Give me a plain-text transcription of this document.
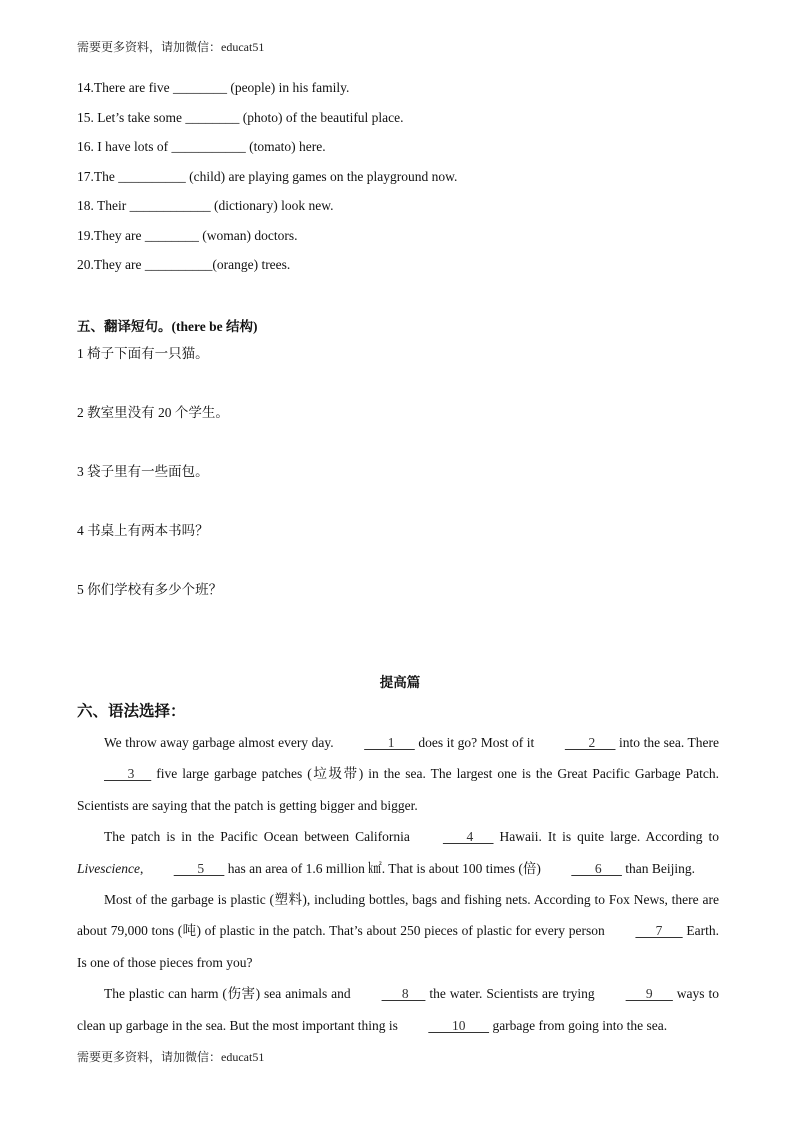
需要更多资料，请加微信：educat51
14.There are five ________ (people) in his family.
15. Let’s take some ________ (photo) of the beautiful place.
16. I have lots of ___________ (tomato) here.
17.The __________ (child) are playing games on the playground now.
18. Their ____________ (dictionary) look new.
19.They are ________ (woman) doctors.
20.They are __________(orange) trees.
五、翻译短句。(there be 结构)
1 椅子下面有一只猫。
2 教室里没有 20 个学生。
3 袋子里有一些面包。
4 书桌上有两本书吗？
5 你们学校有多少个班？
提高篇
六、语法选择：

We throw away garbage almost every day.        1       does it go? Most of it        2       into the sea. There        3      five large garbage patches (垃圾带) in the sea. The largest one is the Great Pacific Garbage Patch. Scientists are saying that the patch is getting bigger and bigger.

The patch is in the Pacific Ocean between California        4       Hawaii. It is quite large. According to Livescience,        5       has an area of 1.6 million ㎢. That is about 100 times (倍)        6       than Beijing.

Most of the garbage is plastic (塑料), including bottles, bags and fishing nets. According to Fox News, there are about 79,000 tons (吨) of plastic in the patch. That’s about 250 pieces of plastic for every person       7       Earth. Is one of those pieces from you?

The plastic can harm (伤害) sea animals and       8      the water. Scientists are trying       9       ways to clean up garbage in the sea. But the most important thing is        10        garbage from going into the sea.

需要更多资料，请加微信：educat51
